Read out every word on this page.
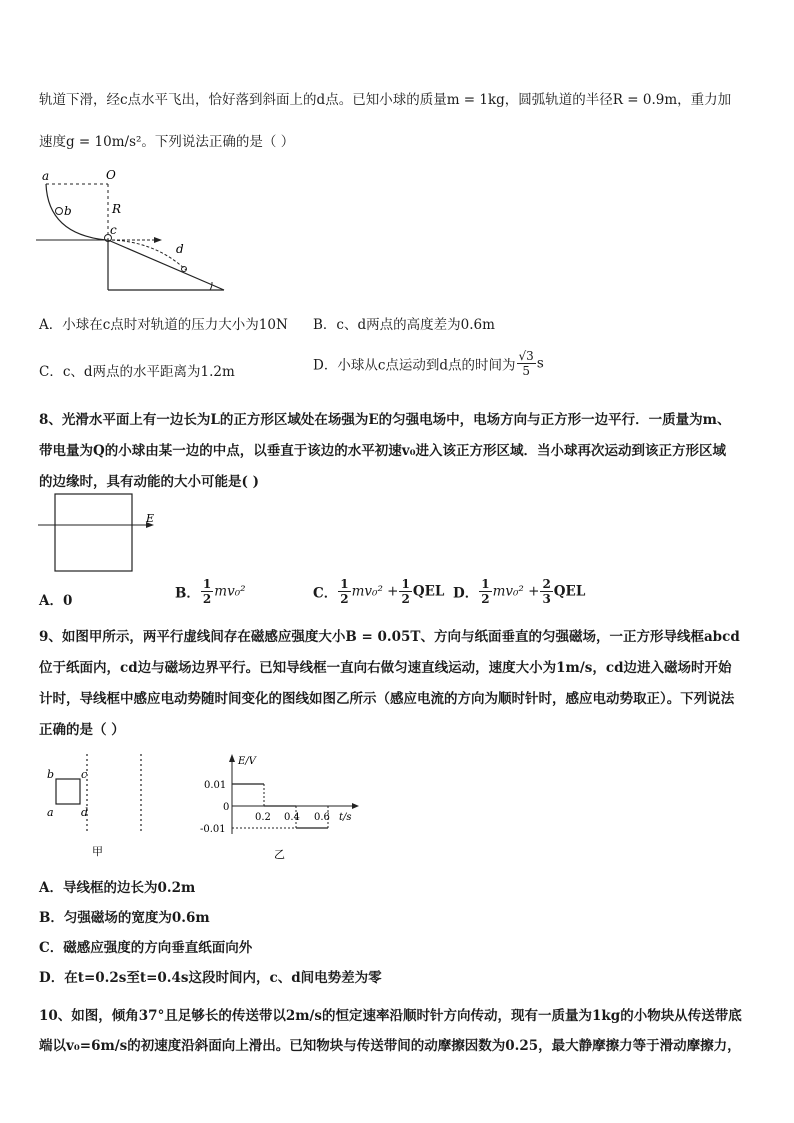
轨道下滑，经c点水平飞出，恰好落到斜面上的d点。已知小球的质量m = 1kg，圆弧轨道的半径R = 0.9m，重力加
速度g = 10m/s²。下列说法正确的是（ ）
a	O
b	R
c
d
A．小球在c点时对轨道的压力大小为10N B．c、d两点的高度差为0.6m
C．c、d两点的水平距离为1.2m	D．小球从c点运动到d点的时间为 $\frac{√3}{5}$ s
8、光滑水平面上有一边长为L的正方形区域处在场强为E的匀强电场中，电场方向与正方形一边平行．一质量为m、
带电量为Q的小球由某一边的中点，以垂直于该边的水平初速v₀进入该正方形区域．当小球再次运动到该正方形区域
的边缘时，具有动能的大小可能是( )
E
A．0	B． $\frac{1}{2} mv_0^2$	C． $\frac{1}{2} mv_0^2 + \frac{1}{2}$ QEL D． $\frac{1}{2} mv_0^2 + \frac{2}{3}$ QEL
9、如图甲所示，两平行虚线间存在磁感应强度大小B = 0.05T、方向与纸面垂直的匀强磁场，一正方形导线框abcd
位于纸面内，cd边与磁场边界平行。已知导线框一直向右做匀速直线运动，速度大小为1m/s，cd边进入磁场时开始
计时，导线框中感应电动势随时间变化的图线如图乙所示（感应电流的方向为顺时针时，感应电动势取正）。下列说法
正确的是（ ）
b c
a d
甲
E/V
t/s
0
0.01
-0.01
0.2 0.4 0.6
乙
A．导线框的边长为0.2m
B．匀强磁场的宽度为0.6m
C．磁感应强度的方向垂直纸面向外
D．在t=0.2s至t=0.4s这段时间内，c、d间电势差为零
10、如图，倾角37°且足够长的传送带以2m/s的恒定速率沿顺时针方向传动，现有一质量为1kg的小物块从传送带底
端以v₀=6m/s的初速度沿斜面向上滑出。已知物块与传送带间的动摩擦因数为0.25，最大静摩擦力等于滑动摩擦力，
